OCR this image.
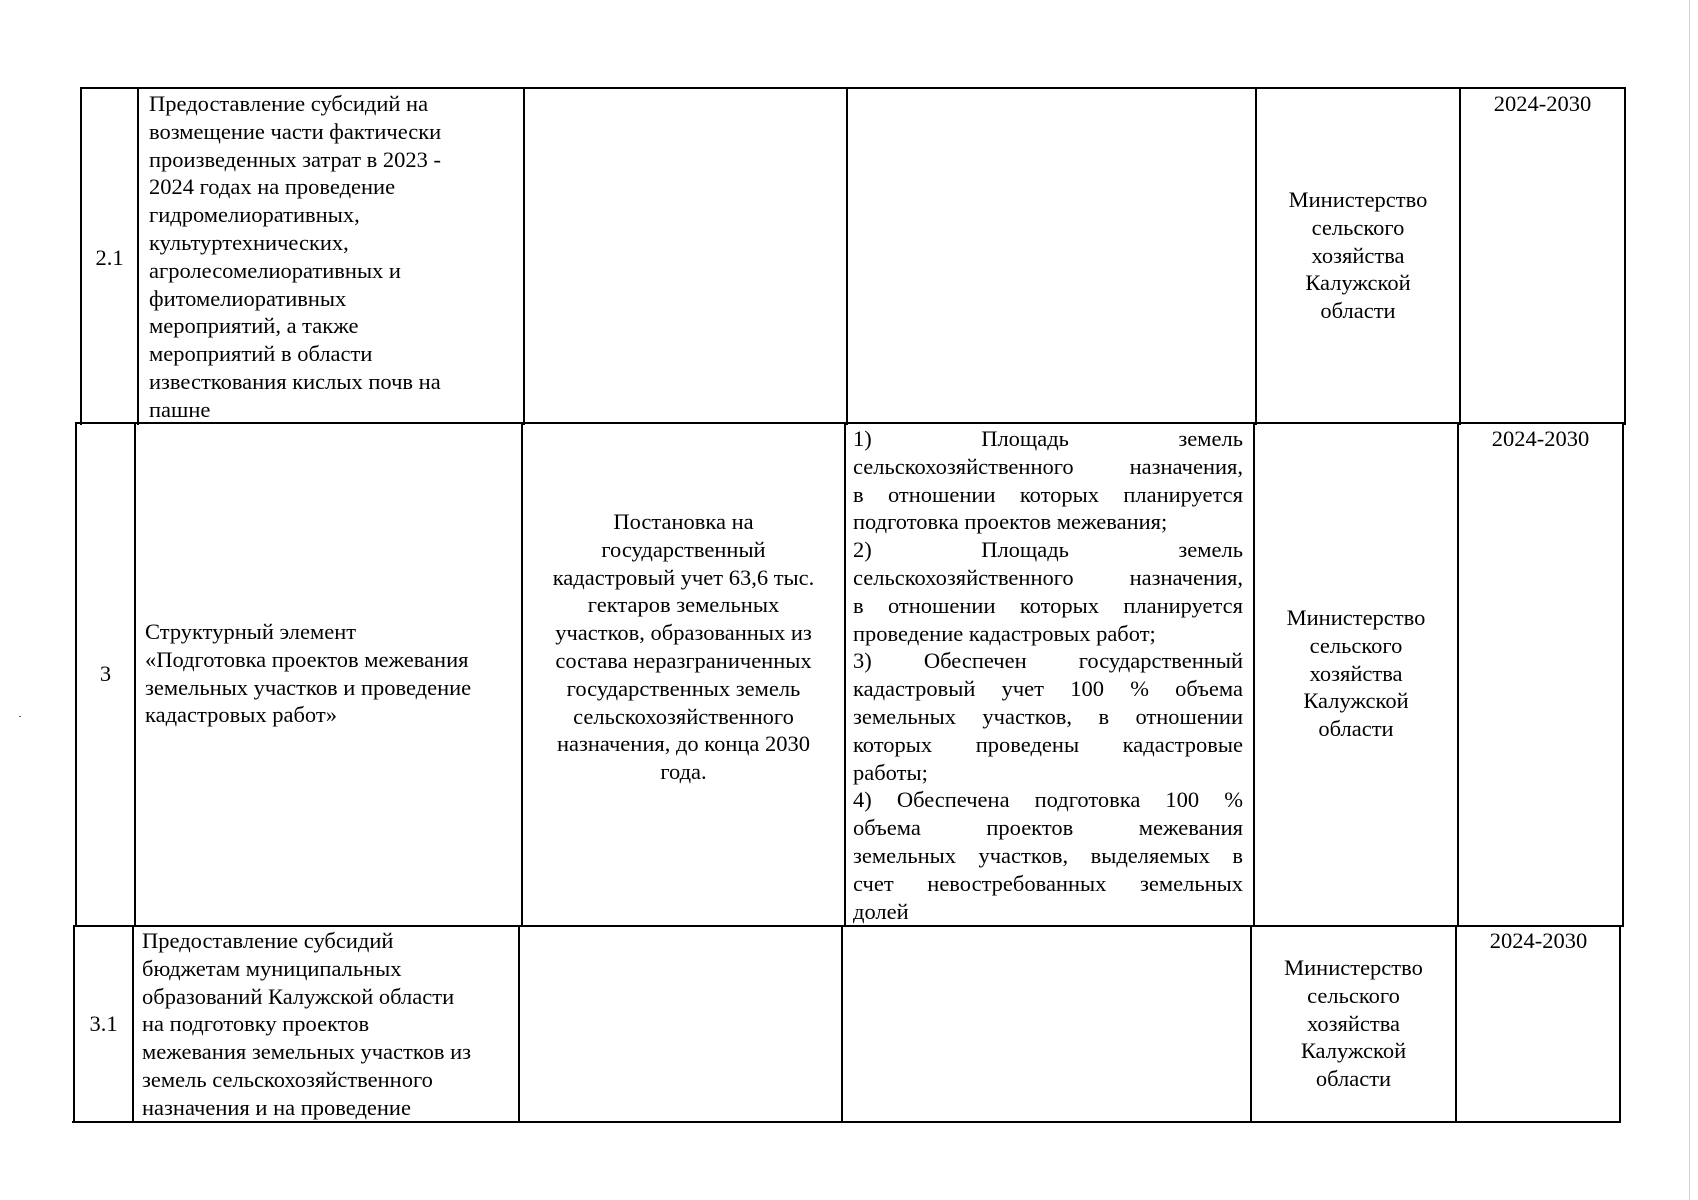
2.1
Предоставление субсидий на
возмещение части фактически
произведенных затрат в 2023 -
2024 годах на проведение
гидромелиоративных,
культуртехнических,
агролесомелиоративных и
фитомелиоративных
мероприятий, а также
мероприятий в области
известкования кислых почв на
пашне
Министерство
сельского
хозяйства
Калужской
области
2024-2030
3
Структурный элемент
«Подготовка проектов межевания
земельных участков и проведение
кадастровых работ»
Постановка на
государственный
кадастровый учет 63,6 тыс.
гектаров земельных
участков, образованных из
состава неразграниченных
государственных земель
сельскохозяйственного
назначения, до конца 2030
года.
1) Площадь земель
сельскохозяйственного назначения,
в отношении которых планируется
подготовка проектов межевания;
2) Площадь земель
сельскохозяйственного назначения,
в отношении которых планируется
проведение кадастровых работ;
3) Обеспечен государственный
кадастровый учет 100 % объема
земельных участков, в отношении
которых проведены кадастровые
работы;
4) Обеспечена подготовка 100 %
объема проектов межевания
земельных участков, выделяемых в
счет невостребованных земельных
долей
Министерство
сельского
хозяйства
Калужской
области
2024-2030
3.1
Предоставление субсидий
бюджетам муниципальных
образований Калужской области
на подготовку проектов
межевания земельных участков из
земель сельскохозяйственного
назначения и на проведение
Министерство
сельского
хозяйства
Калужской
области
2024-2030
